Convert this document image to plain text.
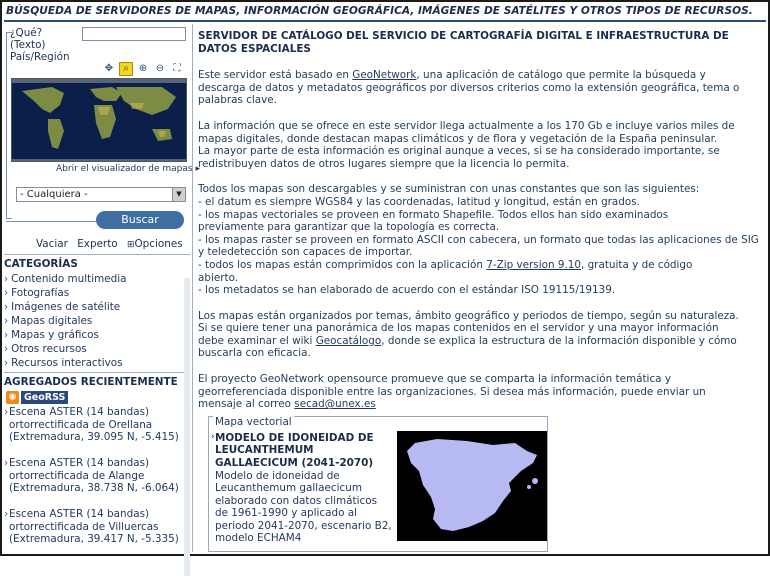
BÚSQUEDA DE SERVIDORES DE MAPAS, INFORMACIÓN GEOGRÁFICA, IMÁGENES DE SATÉLITES Y OTROS TIPOS DE RECURSOS.
¿Qué?
(Texto)
País/Región
✥	⌕	⊕ ⊖ ⛶
Abrir el visualizador de mapas ▸
- Cualquiera -	▼
Buscar
Vaciar Experto ⊞Opciones
CATEGORÍAS
› Contenido multimedia
› Fotografías
› Imágenes de satélite
› Mapas digitales
› Mapas y gráficos
› Otros recursos
› Recursos interactivos
AGREGADOS RECIENTEMENTE
◉ GeoRSS
› Escena ASTER (14 bandas) ortorrectificada de Orellana (Extremadura, 39.095 N, -5.415)
› Escena ASTER (14 bandas) ortorrectificada de Alange (Extremadura, 38.738 N, -6.064)
› Escena ASTER (14 bandas) ortorrectificada de Villuercas (Extremadura, 39.417 N, -5.335)

SERVIDOR DE CATÁLOGO DEL SERVICIO DE CARTOGRAFÍA DIGITAL E INFRAESTRUCTURA DE DATOS ESPACIALES

Este servidor está basado en GeoNetwork, una aplicación de catálogo que permite la búsqueda y descarga de datos y metadatos geográficos por diversos criterios como la extensión geográfica, tema o palabras clave.

La información que se ofrece en este servidor llega actualmente a los 170 Gb e incluye varios miles de mapas digitales, donde destacan mapas climáticos y de flora y vegetación de la España peninsular.

La mayor parte de esta información es original aunque a veces, si se ha considerado importante, se redistribuyen datos de otros lugares siempre que la licencia lo permita.

Todos los mapas son descargables y se suministran con unas constantes que son las siguientes:

- el datum es siempre WGS84 y las coordenadas, latitud y longitud, están en grados.

- los mapas vectoriales se proveen en formato Shapefile. Todos ellos han sido examinados previamente para garantizar que la topología es correcta.

- los mapas raster se proveen en formato ASCII con cabecera, un formato que todas las aplicaciones de SIG y teledetección son capaces de importar.

- todos los mapas están comprimidos con la aplicación 7-Zip version 9.10, gratuita y de código abierto.

- los metadatos se han elaborado de acuerdo con el estándar ISO 19115/19139.

Los mapas están organizados por temas, ámbito geográfico y periodos de tiempo, según su naturaleza. Si se quiere tener una panorámica de los mapas contenidos en el servidor y una mayor información debe examinar el wiki Geocatálogo, donde se explica la estructura de la información disponible y cómo buscarla con eficacia.

El proyecto GeoNetwork opensource promueve que se comparta la información temática y georreferenciada disponible entre las organizaciones. Si desea más información, puede enviar un mensaje al correo secad@unex.es

Mapa vectorial
› MODELO DE IDONEIDAD DE LEUCANTHEMUM GALLAECICUM (2041-2070)
Modelo de idoneidad de Leucanthemum gallaecicum elaborado con datos climáticos de 1961-1990 y aplicado al periodo 2041-2070, escenario B2, modelo ECHAM4
